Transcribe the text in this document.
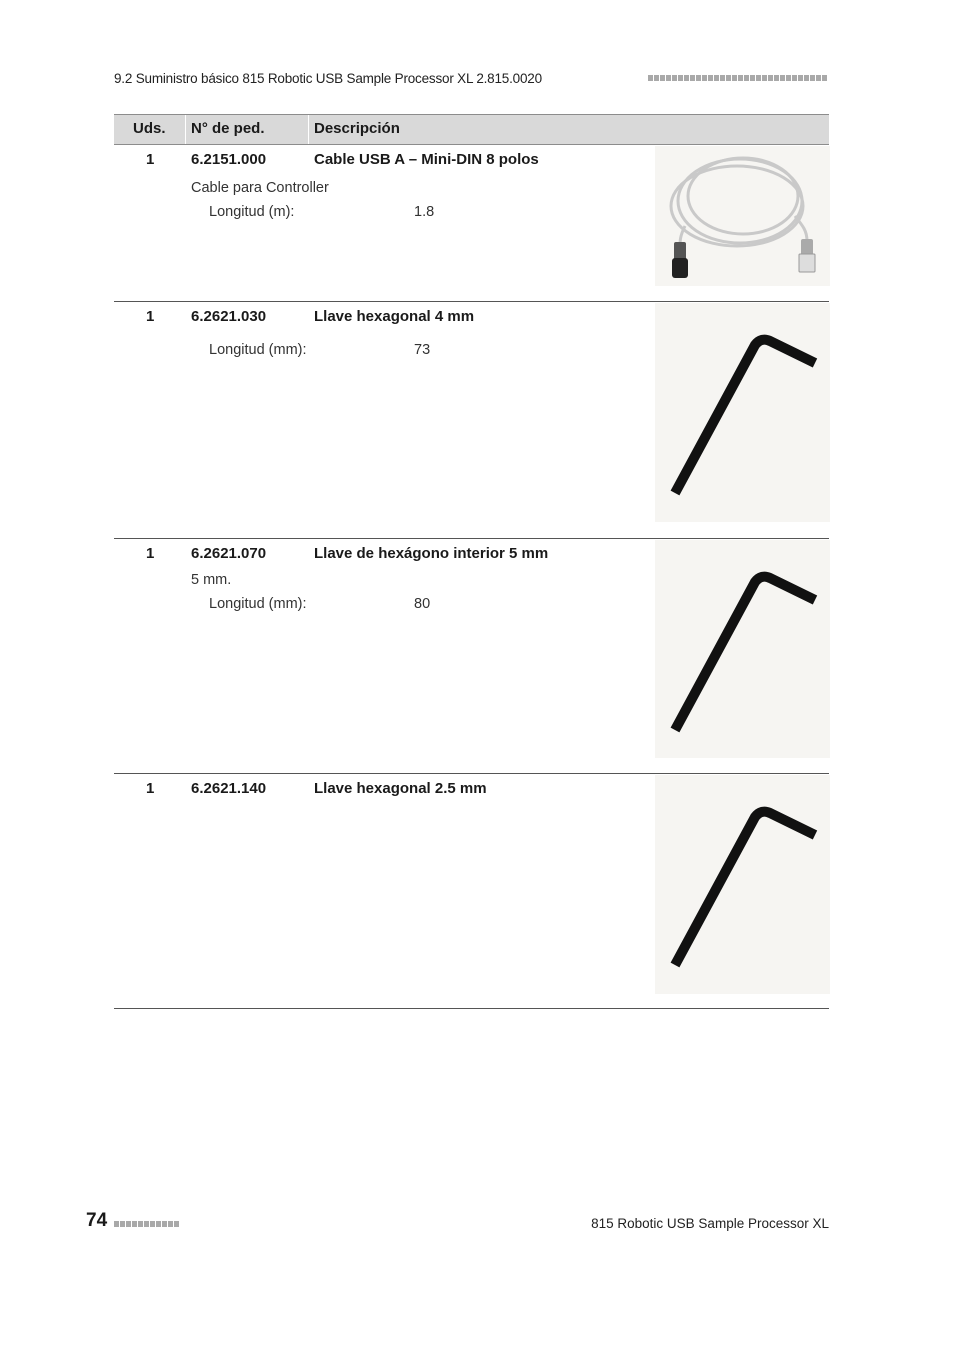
9.2 Suministro básico 815 Robotic USB Sample Processor XL 2.815.0020
Uds. N° de ped.	Descripción
1 6.2151.000	Cable USB A – Mini-DIN 8 polos
Cable para Controller
Longitud (m):	1.8
1 6.2621.030	Llave hexagonal 4 mm
Longitud (mm):	73
1 6.2621.070	Llave de hexágono interior 5 mm
5 mm.
Longitud (mm):	80
1 6.2621.140	Llave hexagonal 2.5 mm
74	815 Robotic USB Sample Processor XL
